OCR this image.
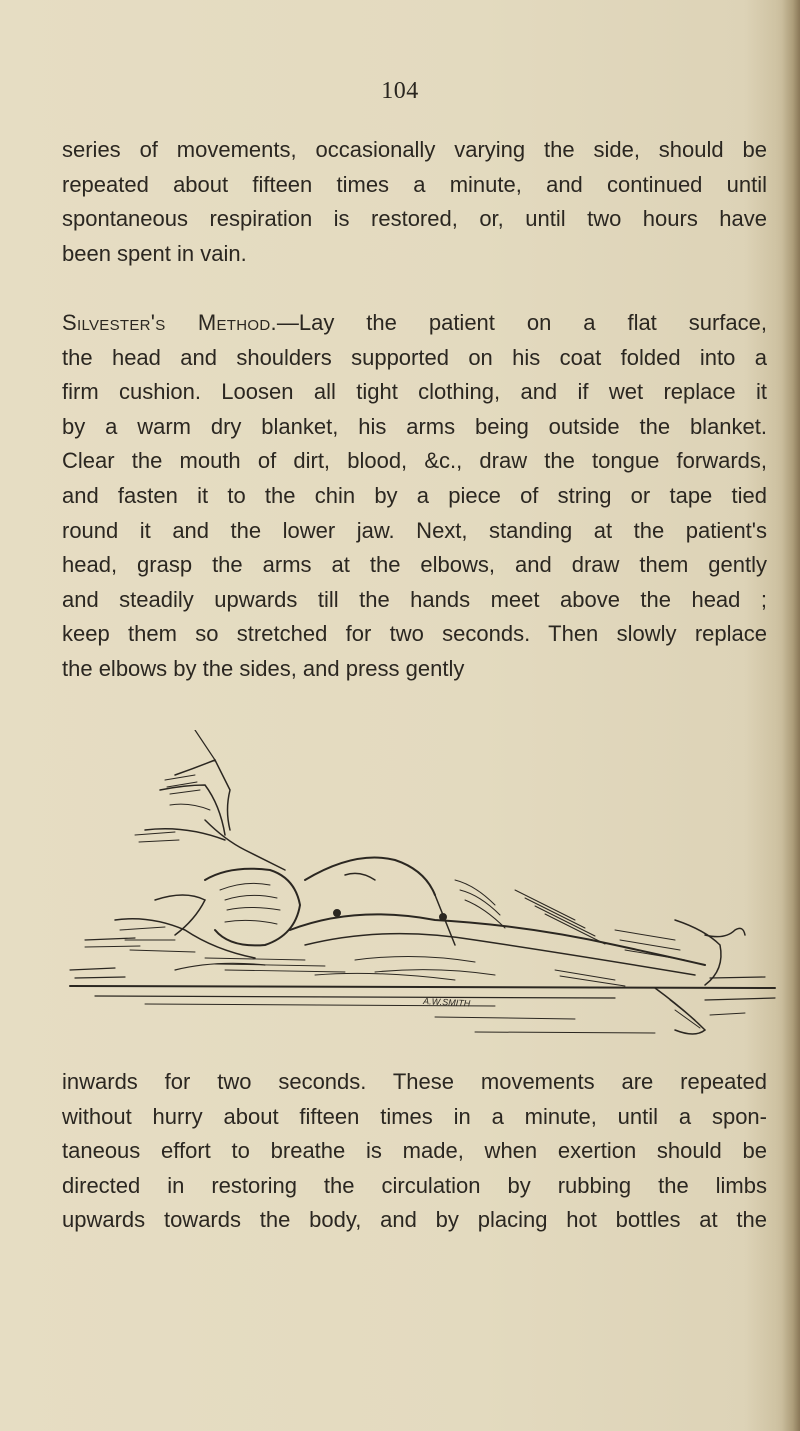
104
series of movements, occasionally varying the side, should be
repeated about fifteen times a minute, and continued until
spontaneous respiration is restored, or, until two hours have
been spent in vain.
Silvester's Method.—Lay the patient on a flat surface,
the head and shoulders supported on his coat folded into a
firm cushion. Loosen all tight clothing, and if wet replace it
by a warm dry blanket, his arms being outside the blanket.
Clear the mouth of dirt, blood, &c., draw the tongue forwards,
and fasten it to the chin by a piece of string or tape tied
round it and the lower jaw. Next, standing at the patient's
head, grasp the arms at the elbows, and draw them gently
and steadily upwards till the hands meet above the head ;
keep them so stretched for two seconds. Then slowly replace
the elbows by the sides, and press gently
A.W.SMITH
inwards for two seconds. These movements are repeated
without hurry about fifteen times in a minute, until a spon-
taneous effort to breathe is made, when exertion should be
directed in restoring the circulation by rubbing the limbs
upwards towards the body, and by placing hot bottles at the
